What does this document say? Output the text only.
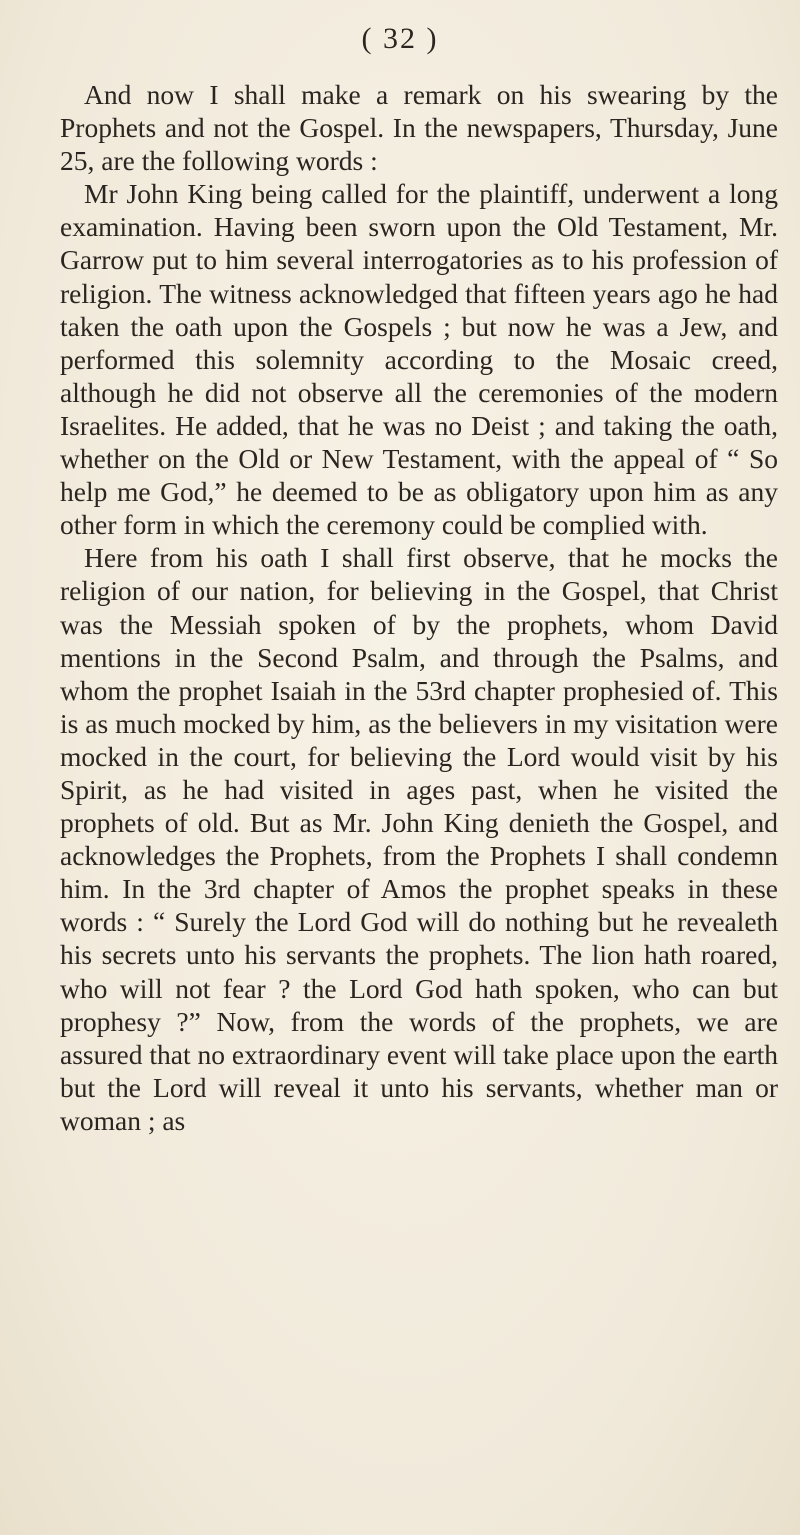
( 32 )

And now I shall make a remark on his swearing by the Prophets and not the Gospel. In the newspapers, Thursday, June 25, are the following words :

Mr John King being called for the plaintiff, underwent a long examination. Having been sworn upon the Old Testament, Mr. Garrow put to him several interrogatories as to his profession of religion. The witness acknowledged that fifteen years ago he had taken the oath upon the Gospels ; but now he was a Jew, and performed this solemnity according to the Mosaic creed, although he did not observe all the ceremonies of the modern Israelites. He added, that he was no Deist ; and taking the oath, whether on the Old or New Testament, with the appeal of “ So help me God,” he deemed to be as obligatory upon him as any other form in which the ceremony could be complied with.

Here from his oath I shall first observe, that he mocks the religion of our nation, for believing in the Gospel, that Christ was the Messiah spoken of by the prophets, whom David mentions in the Second Psalm, and through the Psalms, and whom the prophet Isaiah in the 53rd chapter prophesied of. This is as much mocked by him, as the believers in my visitation were mocked in the court, for believing the Lord would visit by his Spirit, as he had visited in ages past, when he visited the prophets of old. But as Mr. John King denieth the Gospel, and acknowledges the Prophets, from the Prophets I shall condemn him. In the 3rd chapter of Amos the prophet speaks in these words : “ Surely the Lord God will do nothing but he revealeth his secrets unto his servants the prophets. The lion hath roared, who will not fear ? the Lord God hath spoken, who can but prophesy ?” Now, from the words of the prophets, we are assured that no extraordinary event will take place upon the earth but the Lord will reveal it unto his servants, whether man or woman ; as
